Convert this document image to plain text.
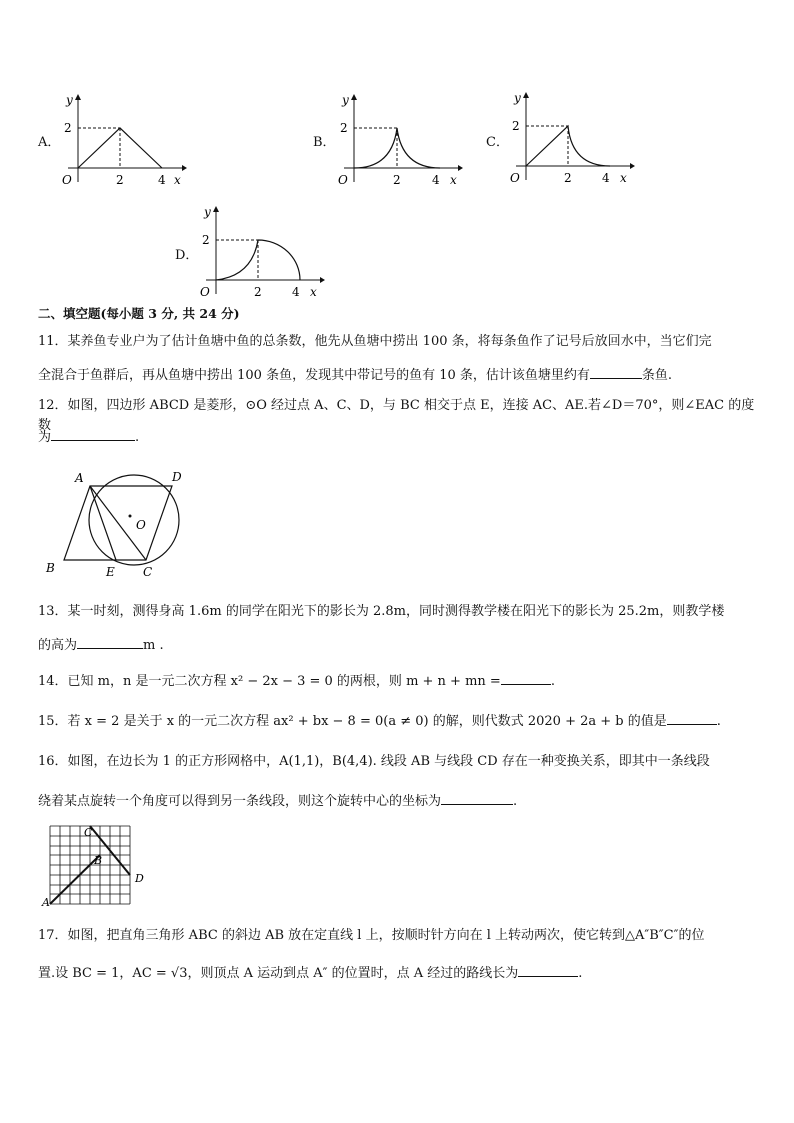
A．
y
2
O	2	4 x
B．
y
2
O	2	4 x
C．
y
2
O	2	4 x
D．
y
2
O	2	4 x
二、填空题(每小题 3 分, 共 24 分)
11．某养鱼专业户为了估计鱼塘中鱼的总条数，他先从鱼塘中捞出 100 条，将每条鱼作了记号后放回水中，当它们完
全混合于鱼群后，再从鱼塘中捞出 100 条鱼，发现其中带记号的鱼有 10 条，估计该鱼塘里约有	条鱼.
12．如图，四边形 ABCD 是菱形，⊙O 经过点 A、C、D，与 BC 相交于点 E，连接 AC、AE.若∠D＝70°，则∠EAC 的度数
为	.
A	D
O
B	E C
13．某一时刻，测得身高 1.6m 的同学在阳光下的影长为 2.8m，同时测得教学楼在阳光下的影长为 25.2m，则教学楼
的高为	m .
14．已知 m，n 是一元二次方程 x² − 2x − 3 = 0 的两根，则 m + n + mn =	.
15．若 x = 2 是关于 x 的一元二次方程 ax² + bx − 8 = 0(a ≠ 0) 的解，则代数式 2020 + 2a + b 的值是	.
16．如图，在边长为 1 的正方形网格中，A(1,1)，B(4,4). 线段 AB 与线段 CD 存在一种变换关系，即其中一条线段
绕着某点旋转一个角度可以得到另一条线段，则这个旋转中心的坐标为	.
A
B
C
D
17．如图，把直角三角形 ABC 的斜边 AB 放在定直线 l 上，按顺时针方向在 l 上转动两次，使它转到△A″B″C″的位
置.设 BC = 1，AC = √3，则顶点 A 运动到点 A″ 的位置时，点 A 经过的路线长为	.
